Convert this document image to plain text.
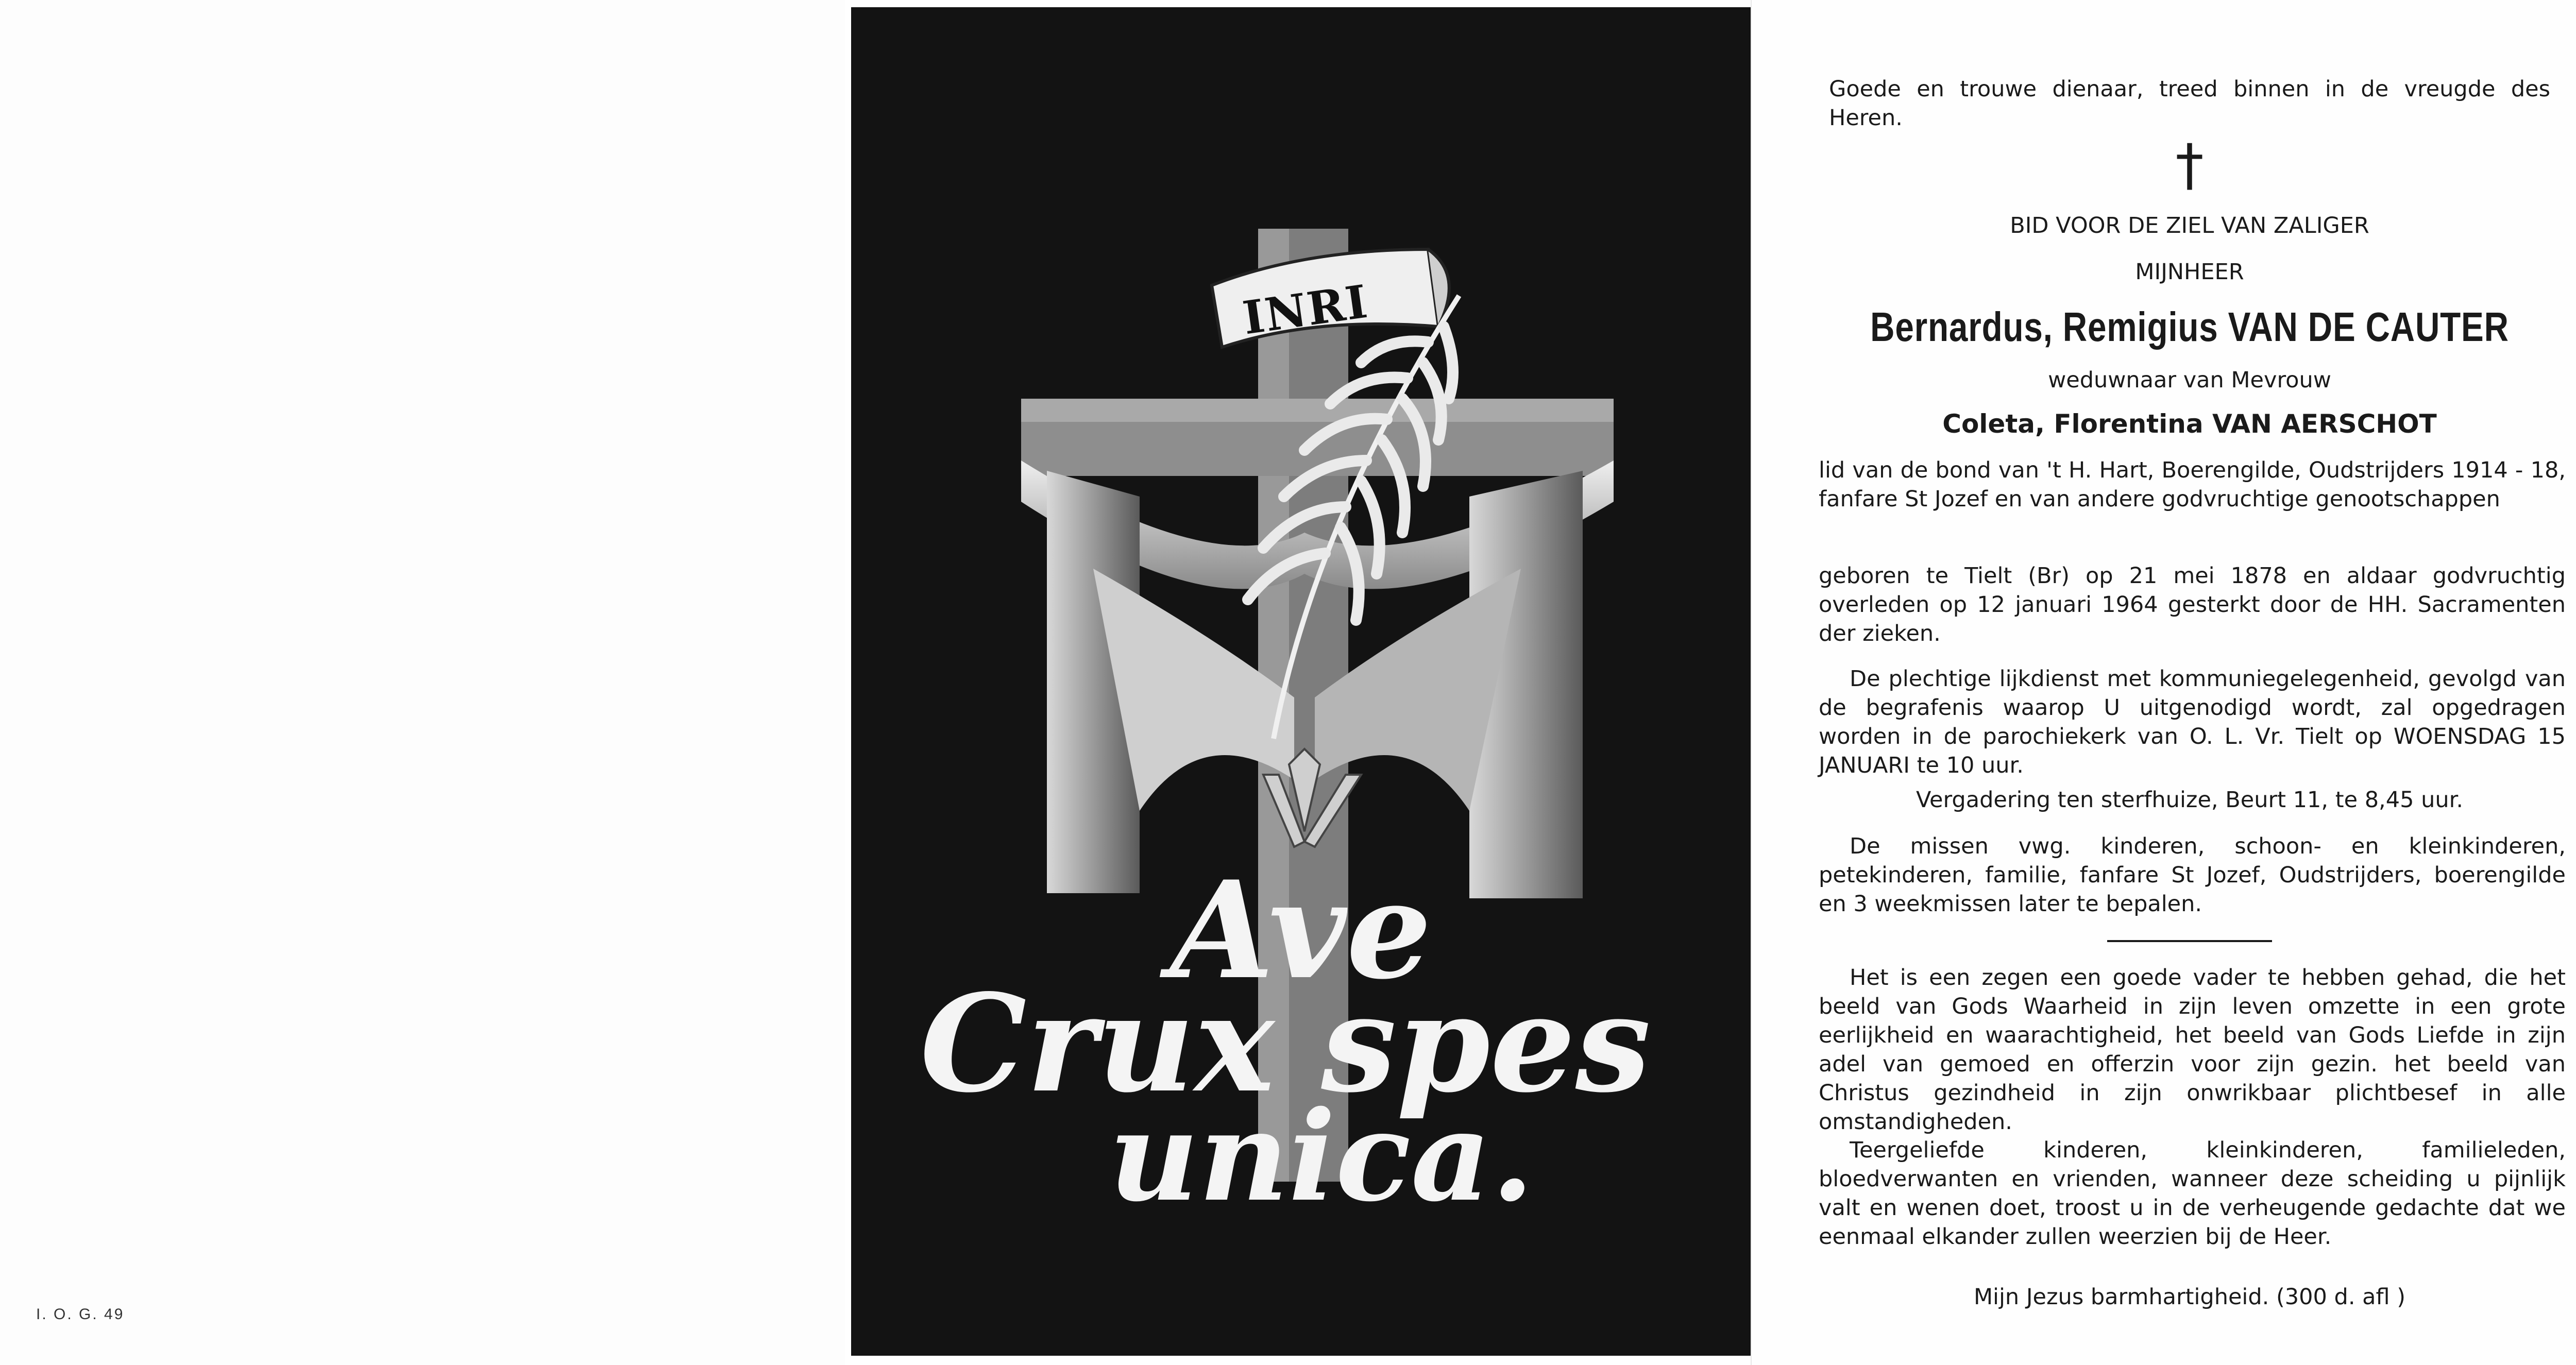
I. O. G. 49
INRI
Ave
Crux spes
unica.
Goede en trouwe dienaar, treed binnen in de vreugde des Heren.
†
BID VOOR DE ZIEL VAN ZALIGER
MIJNHEER
Bernardus, Remigius VAN DE CAUTER
weduwnaar van Mevrouw
Coleta, Florentina VAN AERSCHOT
lid van de bond van 't H. Hart, Boerengilde, Oudstrijders 1914 - 18, fanfare St Jozef en van andere godvruchtige genootschappen
geboren te Tielt (Br) op 21 mei 1878 en aldaar godvruchtig overleden op 12 januari 1964 gesterkt door de HH. Sacramenten der zieken.
De plechtige lijkdienst met kommuniegelegenheid, gevolgd van de begrafenis waarop U uitgenodigd wordt, zal opgedragen worden in de parochiekerk van O. L. Vr. Tielt op WOENSDAG 15 JANUARI te 10 uur.
Vergadering ten sterfhuize, Beurt 11, te 8,45 uur.
De missen vwg. kinderen, schoon- en kleinkinderen, petekinderen, familie, fanfare St Jozef, Oudstrijders, boerengilde en 3 weekmissen later te bepalen.
Het is een zegen een goede vader te hebben gehad, die het beeld van Gods Waarheid in zijn leven omzette in een grote eerlijkheid en waarachtigheid, het beeld van Gods Liefde in zijn adel van gemoed en offerzin voor zijn gezin. het beeld van Christus gezindheid in zijn onwrikbaar plichtbesef in alle omstandigheden.
Teergeliefde kinderen, kleinkinderen, familieleden, bloedverwanten en vrienden, wanneer deze scheiding u pijnlijk valt en wenen doet, troost u in de verheugende gedachte dat we eenmaal elkander zullen weerzien bij de Heer.
Mijn Jezus barmhartigheid. (300 d. afl )
